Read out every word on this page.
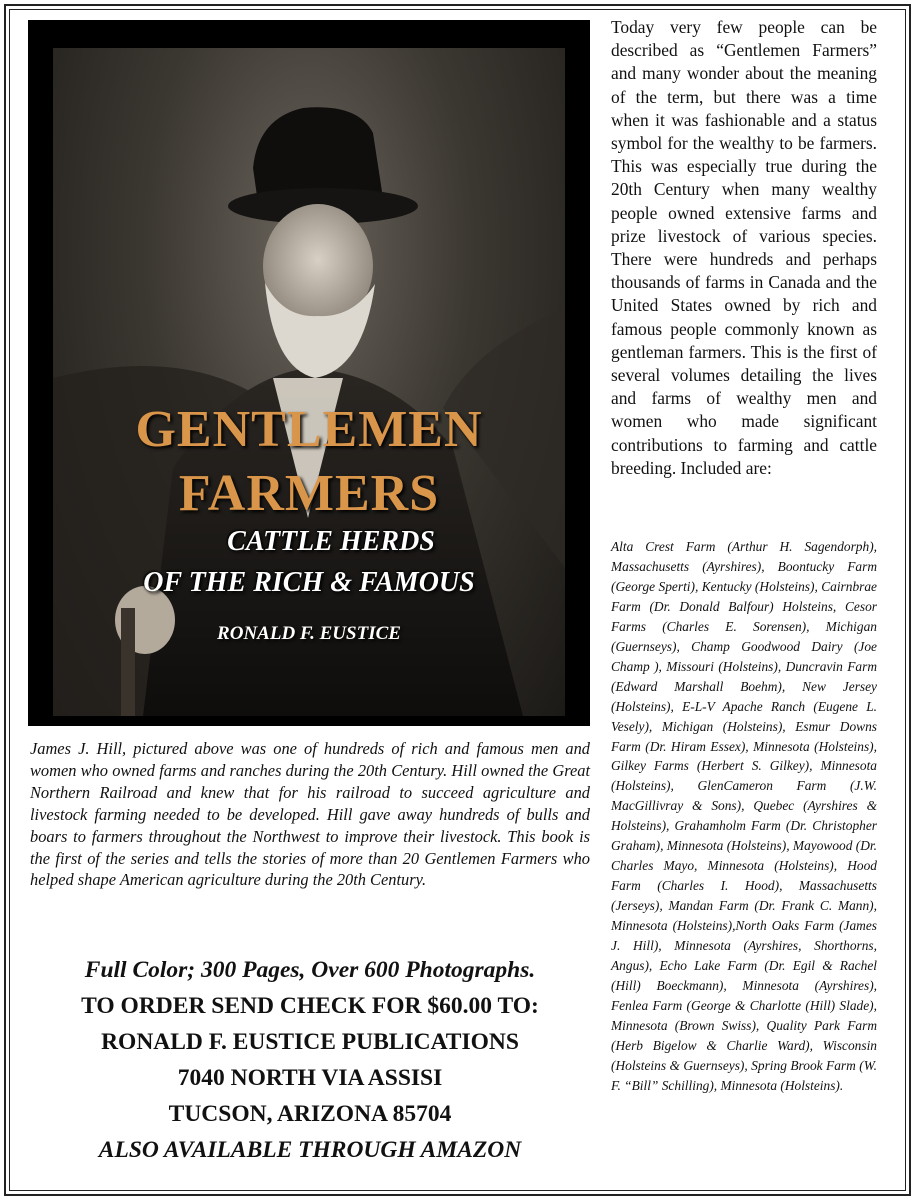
GENTLEMEN
FARMERS
CATTLE HERDS
OF THE RICH & FAMOUS
RONALD F. EUSTICE

James J. Hill, pictured above was one of hundreds of rich and famous men and women who owned farms and ranches during the 20th Century. Hill owned the Great Northern Railroad and knew that for his railroad to succeed agriculture and livestock farming needed to be developed. Hill gave away hundreds of bulls and boars to farmers throughout the Northwest to improve their livestock. This book is the first of the series and tells the stories of more than 20 Gentlemen Farmers who helped shape American agriculture during the 20th Century.

Full Color; 300 Pages, Over 600 Photographs.
TO ORDER SEND CHECK FOR $60.00 TO:
RONALD F. EUSTICE PUBLICATIONS
7040 NORTH VIA ASSISI
TUCSON, ARIZONA 85704
ALSO AVAILABLE THROUGH AMAZON

Today very few people can be described as “Gentlemen Farmers” and many wonder about the meaning of the term, but there was a time when it was fashionable and a status symbol for the wealthy to be farmers. This was especially true during the 20th Century when many wealthy people owned extensive farms and prize livestock of various species. There were hundreds and perhaps thousands of farms in Canada and the United States owned by rich and famous people commonly known as gentleman farmers. This is the first of several volumes detailing the lives and farms of wealthy men and women who made significant contributions to farming and cattle breeding. Included are:

Alta Crest Farm (Arthur H. Sagendorph), Massachusetts (Ayrshires), Boontucky Farm (George Sperti), Kentucky (Holsteins), Cairnbrae Farm (Dr. Donald Balfour) Holsteins, Cesor Farms (Charles E. Sorensen), Michigan (Guernseys), Champ Goodwood Dairy (Joe Champ ), Missouri (Holsteins), Duncravin Farm (Edward Marshall Boehm), New Jersey (Holsteins), E-L-V Apache Ranch (Eugene L. Vesely), Michigan (Holsteins), Esmur Downs Farm (Dr. Hiram Essex), Minnesota (Holsteins), Gilkey Farms (Herbert S. Gilkey), Minnesota (Holsteins), GlenCameron Farm (J.W. MacGillivray & Sons), Quebec (Ayrshires & Holsteins), Grahamholm Farm (Dr. Christopher Graham), Minnesota (Holsteins), Mayowood (Dr. Charles Mayo, Minnesota (Holsteins), Hood Farm (Charles I. Hood), Massachusetts (Jerseys), Mandan Farm (Dr. Frank C. Mann), Minnesota (Holsteins),North Oaks Farm (James J. Hill), Minnesota (Ayrshires, Shorthorns, Angus), Echo Lake Farm (Dr. Egil & Rachel (Hill) Boeckmann), Minnesota (Ayrshires), Fenlea Farm (George & Charlotte (Hill) Slade), Minnesota (Brown Swiss), Quality Park Farm (Herb Bigelow & Charlie Ward), Wisconsin (Holsteins & Guernseys), Spring Brook Farm (W. F. “Bill” Schilling), Minnesota (Holsteins).
